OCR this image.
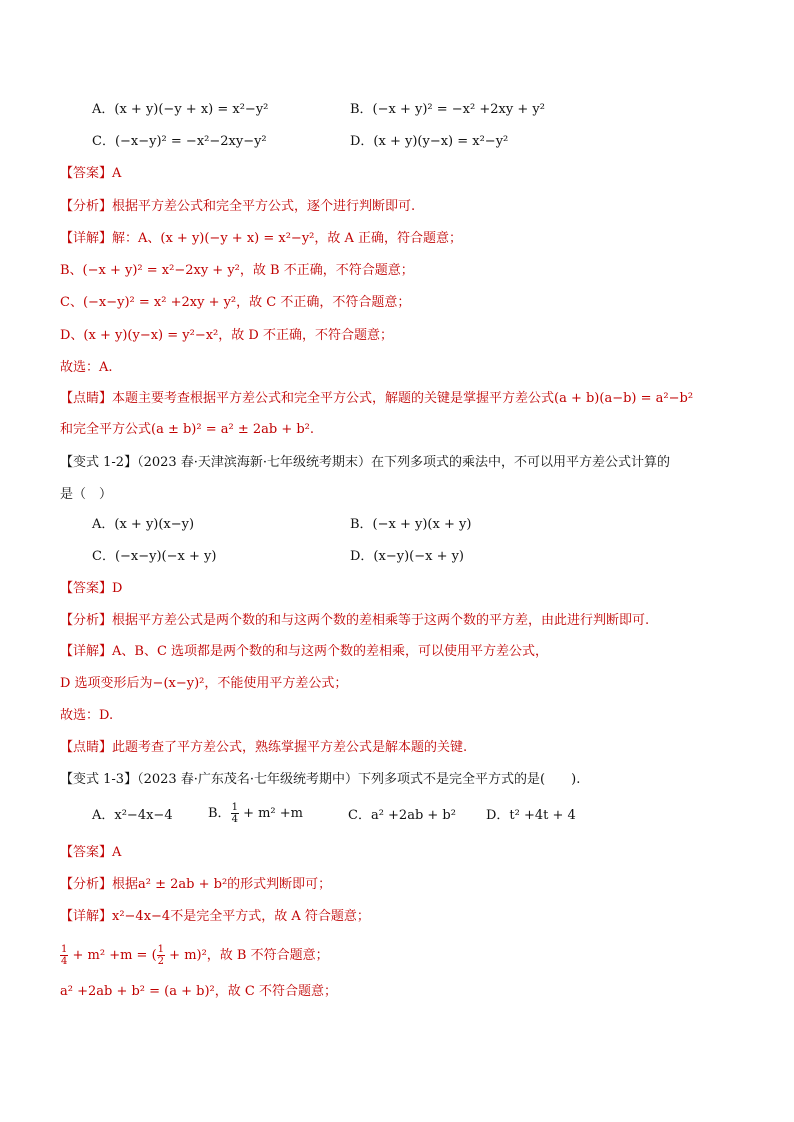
A．(x + y)(−y + x) = x²−y²	B．(−x + y)² = −x² +2xy + y²
C．(−x−y)² = −x²−2xy−y²	D．(x + y)(y−x) = x²−y²
【答案】A
【分析】根据平方差公式和完全平方公式，逐个进行判断即可.
【详解】解：A、(x + y)(−y + x) = x²−y²，故 A 正确，符合题意；
B、(−x + y)² = x²−2xy + y²，故 B 不正确，不符合题意；
C、(−x−y)² = x² +2xy + y²，故 C 不正确，不符合题意；
D、(x + y)(y−x) = y²−x²，故 D 不正确，不符合题意；
故选：A.
【点睛】本题主要考查根据平方差公式和完全平方公式，解题的关键是掌握平方差公式(a + b)(a−b) = a²−b²
和完全平方公式(a ± b)² = a² ± 2ab + b².
【变式 1-2】（2023 春·天津滨海新·七年级统考期末）在下列多项式的乘法中，不可以用平方差公式计算的
是（　）
A．(x + y)(x−y)	B．(−x + y)(x + y)
C．(−x−y)(−x + y)	D．(x−y)(−x + y)
【答案】D
【分析】根据平方差公式是两个数的和与这两个数的差相乘等于这两个数的平方差，由此进行判断即可.
【详解】A、B、C 选项都是两个数的和与这两个数的差相乘，可以使用平方差公式，
D 选项变形后为−(x−y)²，不能使用平方差公式；
故选：D.
【点睛】此题考查了平方差公式，熟练掌握平方差公式是解本题的关键.
【变式 1-3】（2023 春·广东茂名·七年级统考期中）下列多项式不是完全平方式的是(　　).
A．x²−4x−4	B． $\frac{1}{4} + m^2 +m$	C．a² +2ab + b² D．t² +4t + 4
【答案】A
【分析】根据a² ± 2ab + b²的形式判断即可；
【详解】x²−4x−4不是完全平方式，故 A 符合题意；
$\frac{1}{4} + m^2 +m$ = ( $\frac{1}{2} + m)^2$，故 B 不符合题意；
a² +2ab + b² = (a + b)²，故 C 不符合题意；
